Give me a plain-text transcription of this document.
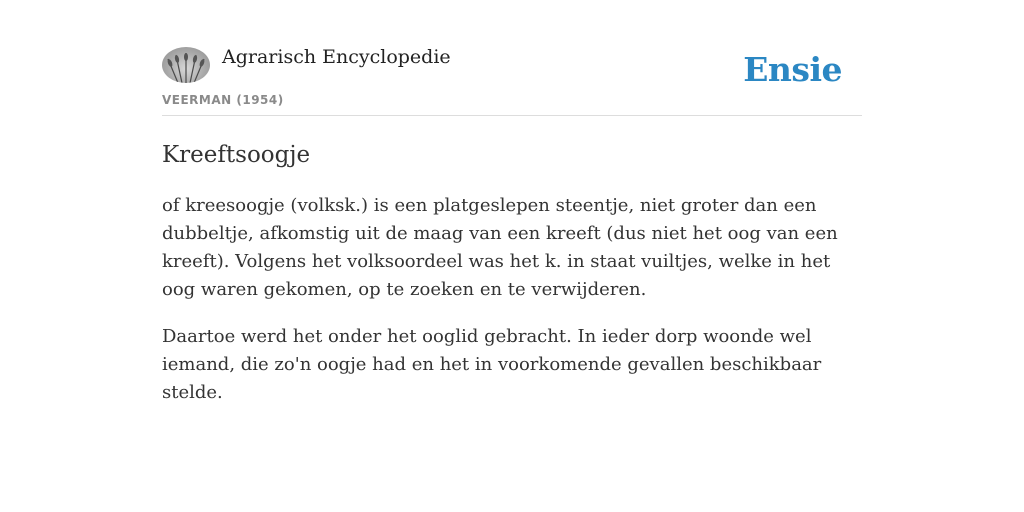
Agrarisch Encyclopedie
VEERMAN (1954)
Ensie
Kreeftsoogje

of kreesoogje (volksk.) is een platgeslepen steentje, niet groter dan een dubbeltje, afkomstig uit de maag van een kreeft (dus niet het oog van een kreeft). Volgens het volksoordeel was het k. in staat vuiltjes, welke in het oog waren gekomen, op te zoeken en te verwijderen.

Daartoe werd het onder het ooglid gebracht. In ieder dorp woonde wel iemand, die zo'n oogje had en het in voorkomende gevallen beschikbaar stelde.
